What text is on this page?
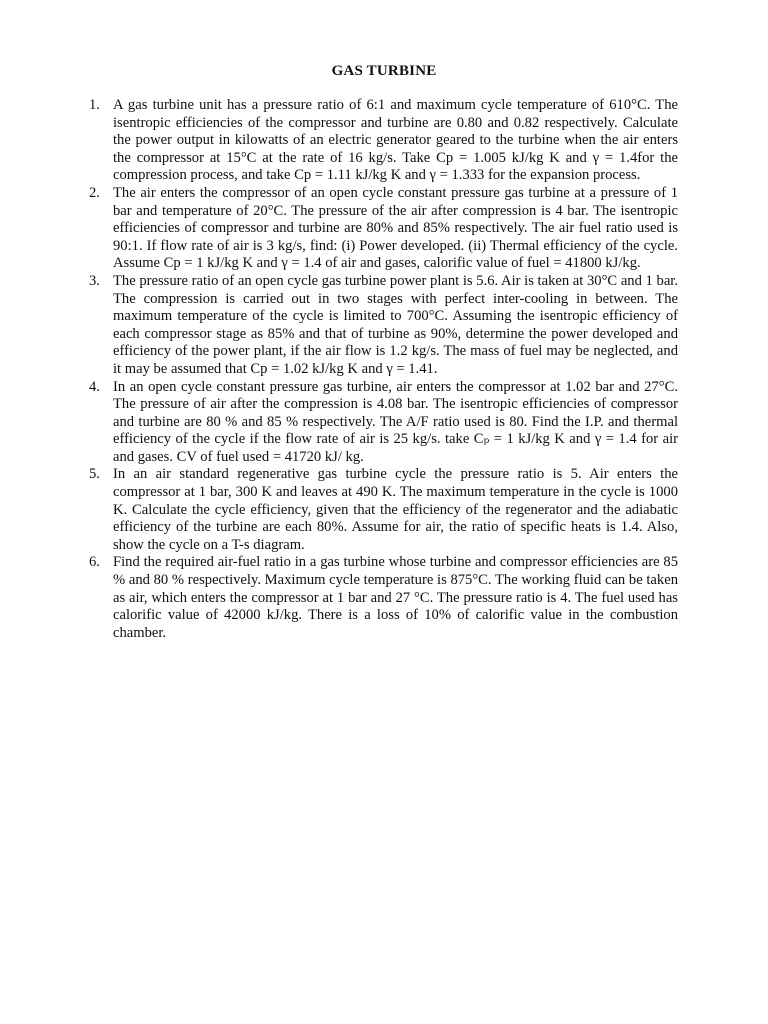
GAS TURBINE
1. A gas turbine unit has a pressure ratio of 6:1 and maximum cycle temperature of 610°C. The isentropic efficiencies of the compressor and turbine are 0.80 and 0.82 respectively. Calculate the power output in kilowatts of an electric generator geared to the turbine when the air enters the compressor at 15°C at the rate of 16 kg/s. Take Cp = 1.005 kJ/kg K and γ = 1.4for the compression process, and take Cp = 1.11 kJ/kg K and γ = 1.333 for the expansion process.
2. The air enters the compressor of an open cycle constant pressure gas turbine at a pressure of 1 bar and temperature of 20°C. The pressure of the air after compression is 4 bar. The isentropic efficiencies of compressor and turbine are 80% and 85% respectively. The air fuel ratio used is 90:1. If flow rate of air is 3 kg/s, find: (i) Power developed. (ii) Thermal efficiency of the cycle. Assume Cp = 1 kJ/kg K and γ = 1.4 of air and gases, calorific value of fuel = 41800 kJ/kg.
3. The pressure ratio of an open cycle gas turbine power plant is 5.6. Air is taken at 30°C and 1 bar. The compression is carried out in two stages with perfect inter-cooling in between. The maximum temperature of the cycle is limited to 700°C. Assuming the isentropic efficiency of each compressor stage as 85% and that of turbine as 90%, determine the power developed and efficiency of the power plant, if the air flow is 1.2 kg/s. The mass of fuel may be neglected, and it may be assumed that Cp = 1.02 kJ/kg K and γ = 1.41.
4. In an open cycle constant pressure gas turbine, air enters the compressor at 1.02 bar and 27°C. The pressure of air after the compression is 4.08 bar. The isentropic efficiencies of compressor and turbine are 80 % and 85 % respectively. The A/F ratio used is 80. Find the I.P. and thermal efficiency of the cycle if the flow rate of air is 25 kg/s. take Cₚ = 1 kJ/kg K and γ = 1.4 for air and gases. CV of fuel used = 41720 kJ/ kg.
5. In an air standard regenerative gas turbine cycle the pressure ratio is 5. Air enters the compressor at 1 bar, 300 K and leaves at 490 K. The maximum temperature in the cycle is 1000 K. Calculate the cycle efficiency, given that the efficiency of the regenerator and the adiabatic efficiency of the turbine are each 80%. Assume for air, the ratio of specific heats is 1.4. Also, show the cycle on a T-s diagram.
6. Find the required air-fuel ratio in a gas turbine whose turbine and compressor efficiencies are 85 % and 80 % respectively. Maximum cycle temperature is 875°C. The working fluid can be taken as air, which enters the compressor at 1 bar and 27 °C. The pressure ratio is 4. The fuel used has calorific value of 42000 kJ/kg. There is a loss of 10% of calorific value in the combustion chamber.
